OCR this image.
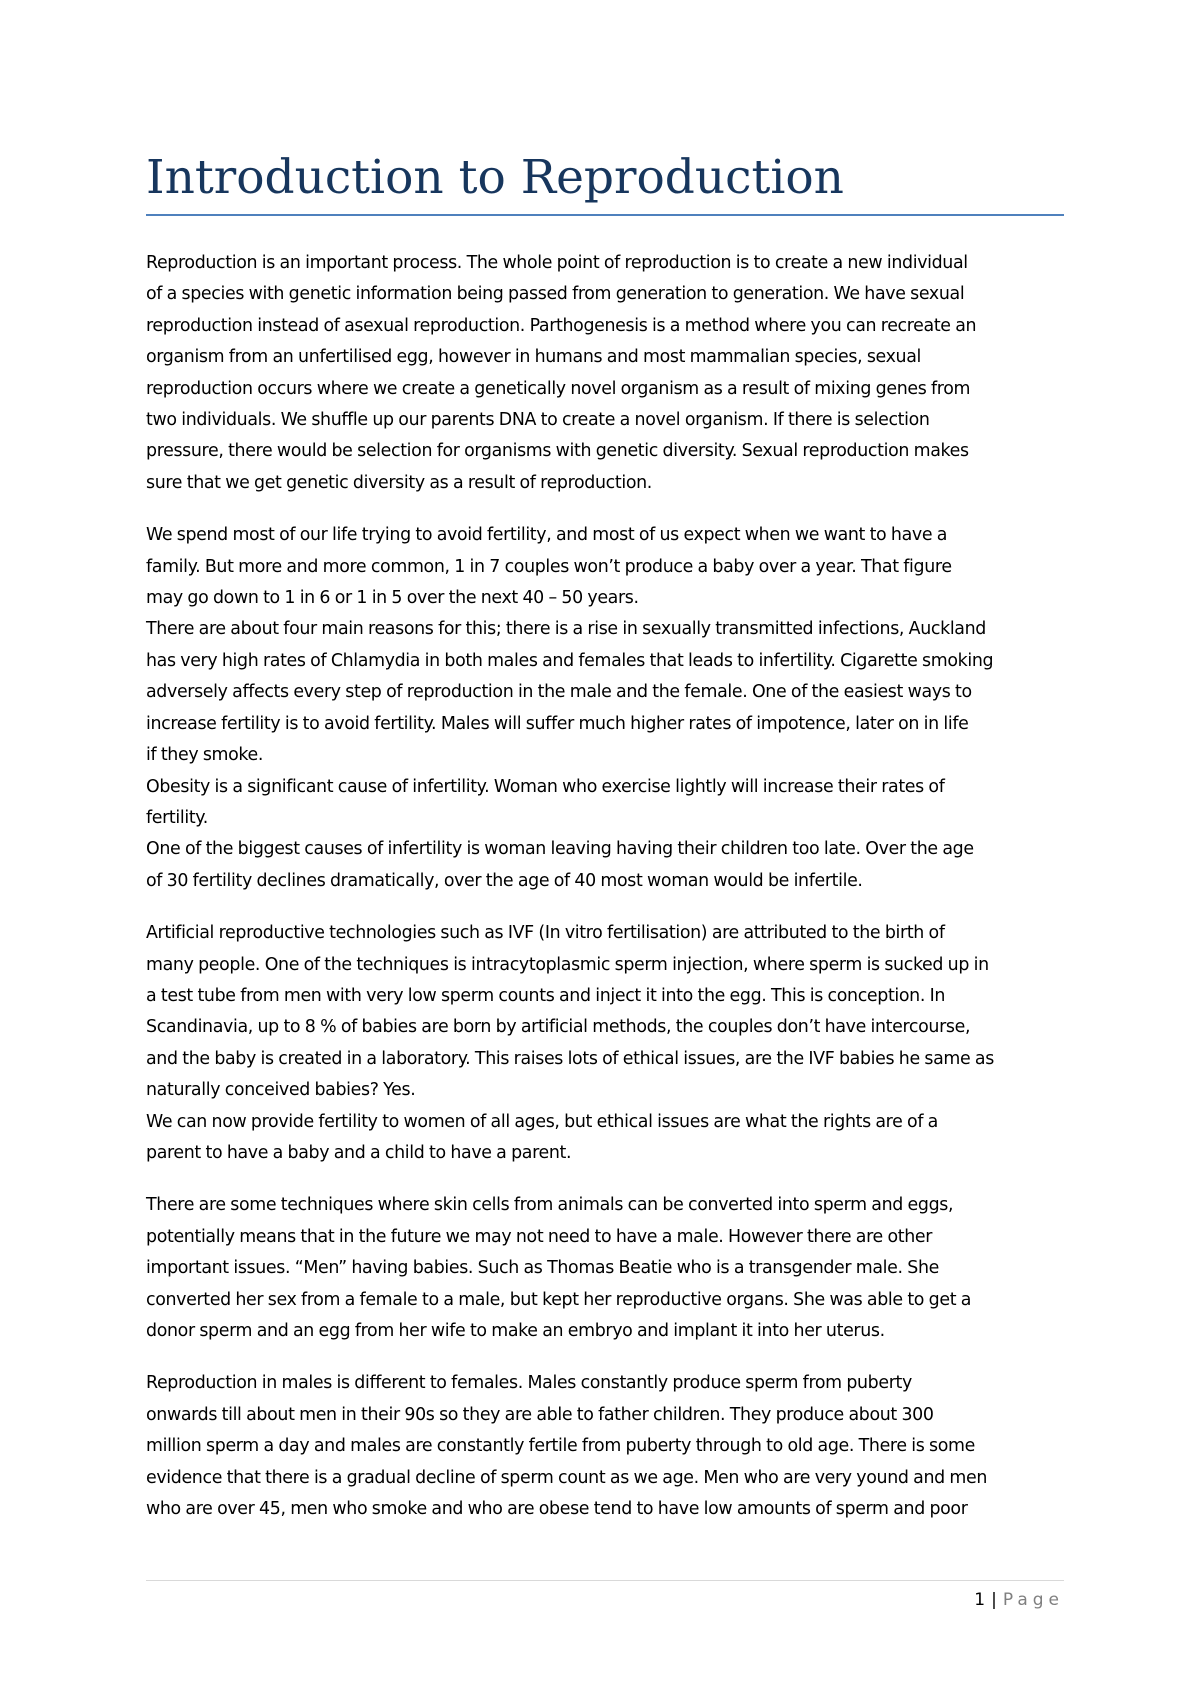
Introduction to Reproduction

Reproduction is an important process. The whole point of reproduction is to create a new individual
of a species with genetic information being passed from generation to generation. We have sexual
reproduction instead of asexual reproduction. Parthogenesis is a method where you can recreate an
organism from an unfertilised egg, however in humans and most mammalian species, sexual
reproduction occurs where we create a genetically novel organism as a result of mixing genes from
two individuals. We shuffle up our parents DNA to create a novel organism. If there is selection
pressure, there would be selection for organisms with genetic diversity. Sexual reproduction makes
sure that we get genetic diversity as a result of reproduction.

We spend most of our life trying to avoid fertility, and most of us expect when we want to have a
family. But more and more common, 1 in 7 couples won’t produce a baby over a year. That figure
may go down to 1 in 6 or 1 in 5 over the next 40 – 50 years.
There are about four main reasons for this; there is a rise in sexually transmitted infections, Auckland
has very high rates of Chlamydia in both males and females that leads to infertility. Cigarette smoking
adversely affects every step of reproduction in the male and the female. One of the easiest ways to
increase fertility is to avoid fertility. Males will suffer much higher rates of impotence, later on in life
if they smoke.
Obesity is a significant cause of infertility. Woman who exercise lightly will increase their rates of
fertility.
One of the biggest causes of infertility is woman leaving having their children too late. Over the age
of 30 fertility declines dramatically, over the age of 40 most woman would be infertile.

Artificial reproductive technologies such as IVF (In vitro fertilisation) are attributed to the birth of
many people. One of the techniques is intracytoplasmic sperm injection, where sperm is sucked up in
a test tube from men with very low sperm counts and inject it into the egg. This is conception. In
Scandinavia, up to 8 % of babies are born by artificial methods, the couples don’t have intercourse,
and the baby is created in a laboratory. This raises lots of ethical issues, are the IVF babies he same as
naturally conceived babies? Yes.
We can now provide fertility to women of all ages, but ethical issues are what the rights are of a
parent to have a baby and a child to have a parent.

There are some techniques where skin cells from animals can be converted into sperm and eggs,
potentially means that in the future we may not need to have a male. However there are other
important issues. “Men” having babies. Such as Thomas Beatie who is a transgender male. She
converted her sex from a female to a male, but kept her reproductive organs. She was able to get a
donor sperm and an egg from her wife to make an embryo and implant it into her uterus.

Reproduction in males is different to females. Males constantly produce sperm from puberty
onwards till about men in their 90s so they are able to father children. They produce about 300
million sperm a day and males are constantly fertile from puberty through to old age. There is some
evidence that there is a gradual decline of sperm count as we age. Men who are very yound and men
who are over 45, men who smoke and who are obese tend to have low amounts of sperm and poor

1 | Page
